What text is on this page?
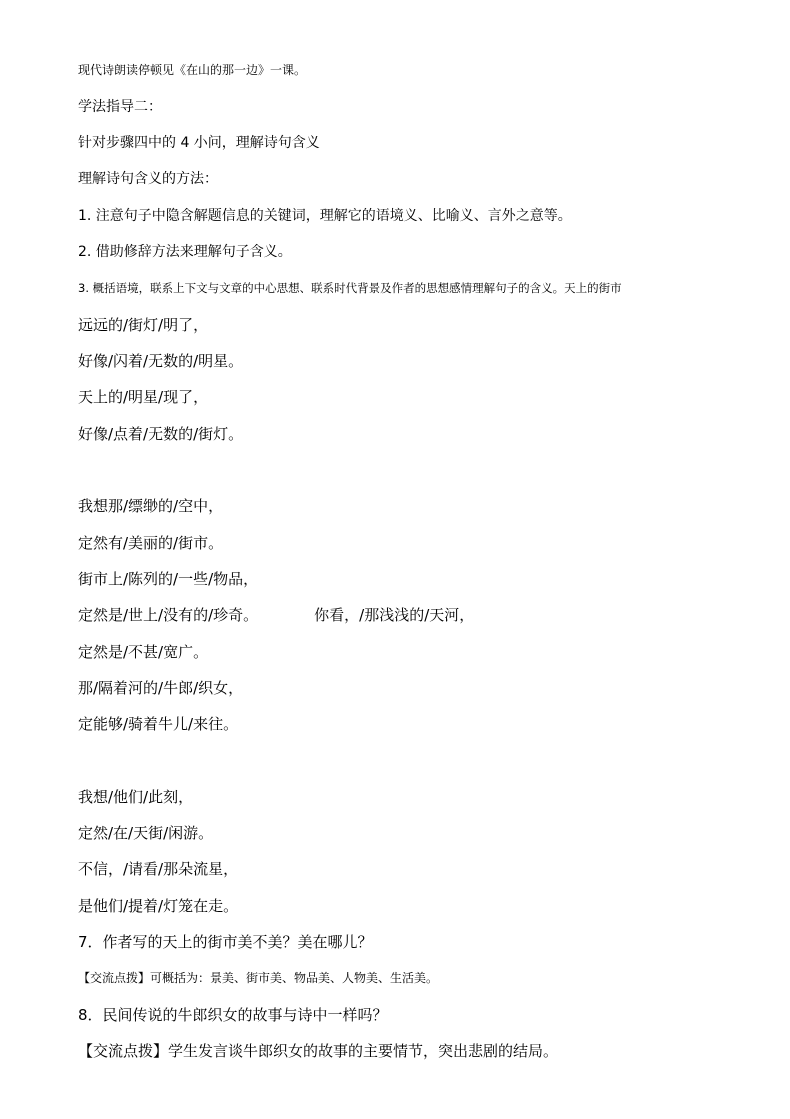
现代诗朗读停顿见《在山的那一边》一课。
学法指导二：
针对步骤四中的 4 小问，理解诗句含义
理解诗句含义的方法：
1. 注意句子中隐含解题信息的关键词，理解它的语境义、比喻义、言外之意等。
2. 借助修辞方法来理解句子含义。
3. 概括语境，联系上下文与文章的中心思想、联系时代背景及作者的思想感情理解句子的含义。天上的街市
远远的/街灯/明了，
好像/闪着/无数的/明星。
天上的/明星/现了，
好像/点着/无数的/街灯。
我想那/缥缈的/空中，
定然有/美丽的/街市。
街市上/陈列的/一些/物品，
定然是/世上/没有的/珍奇。	你看，/那浅浅的/天河，
定然是/不甚/宽广。
那/隔着河的/牛郎/织女，
定能够/骑着牛儿/来往。
我想/他们/此刻，
定然/在/天街/闲游。
不信，/请看/那朵流星，
是他们/提着/灯笼在走。
7．作者写的天上的街市美不美？美在哪儿？
【交流点拨】可概括为：景美、街市美、物品美、人物美、生活美。
8．民间传说的牛郎织女的故事与诗中一样吗？
【交流点拨】学生发言谈牛郎织女的故事的主要情节，突出悲剧的结局。
